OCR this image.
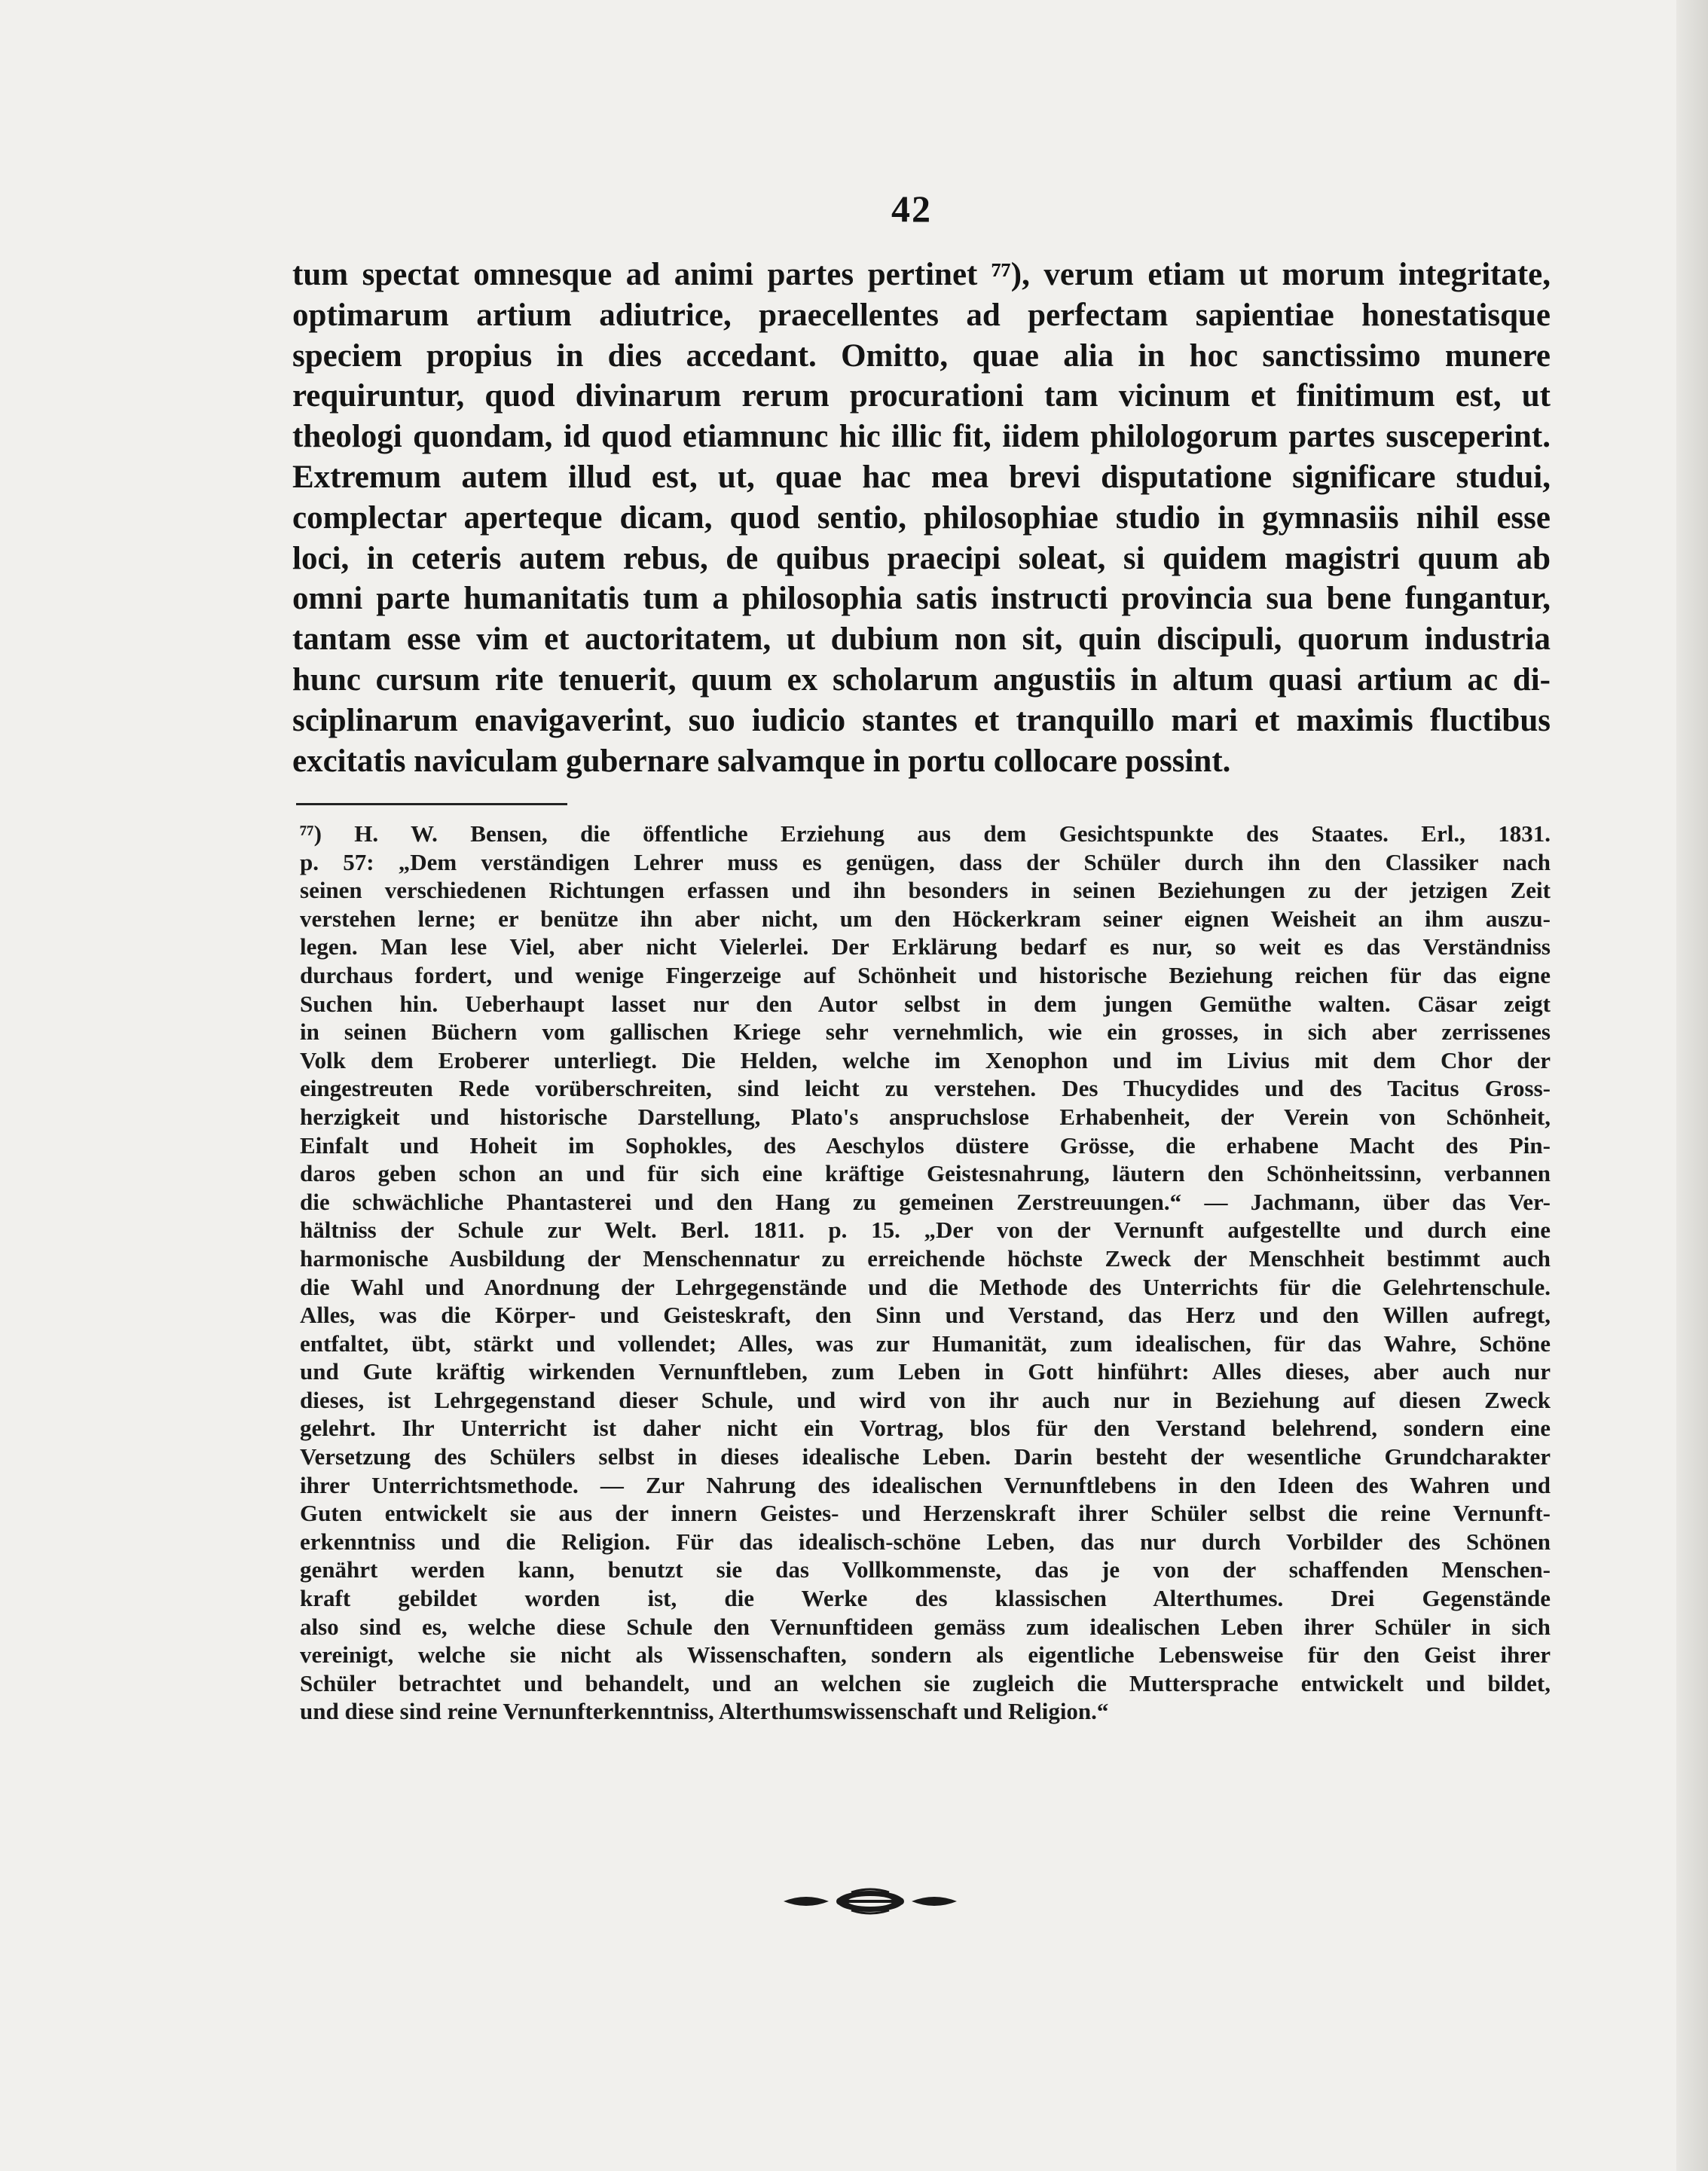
42
tum spectat omnesque ad animi partes pertinet ⁷⁷), verum etiam ut morum integritate,
optimarum artium adiutrice, praecellentes ad perfectam sapientiae honestatisque
speciem propius in dies accedant. Omitto, quae alia in hoc sanctissimo munere
requiruntur, quod divinarum rerum procurationi tam vicinum et finitimum est, ut
theologi quondam, id quod etiamnunc hic illic fit, iidem philologorum partes susceperint.
Extremum autem illud est, ut, quae hac mea brevi disputatione significare studui,
complectar aperteque dicam, quod sentio, philosophiae studio in gymnasiis nihil esse
loci, in ceteris autem rebus, de quibus praecipi soleat, si quidem magistri quum ab
omni parte humanitatis tum a philosophia satis instructi provincia sua bene fungantur,
tantam esse vim et auctoritatem, ut dubium non sit, quin discipuli, quorum industria
hunc cursum rite tenuerit, quum ex scholarum angustiis in altum quasi artium ac di-
sciplinarum enavigaverint, suo iudicio stantes et tranquillo mari et maximis fluctibus
excitatis naviculam gubernare salvamque in portu collocare possint.
⁷⁷) H. W. Bensen, die öffentliche Erziehung aus dem Gesichtspunkte des Staates. Erl., 1831.
p. 57: „Dem verständigen Lehrer muss es genügen, dass der Schüler durch ihn den Classiker nach
seinen verschiedenen Richtungen erfassen und ihn besonders in seinen Beziehungen zu der jetzigen Zeit
verstehen lerne; er benütze ihn aber nicht, um den Höckerkram seiner eignen Weisheit an ihm auszu-
legen. Man lese Viel, aber nicht Vielerlei. Der Erklärung bedarf es nur, so weit es das Verständniss
durchaus fordert, und wenige Fingerzeige auf Schönheit und historische Beziehung reichen für das eigne
Suchen hin. Ueberhaupt lasset nur den Autor selbst in dem jungen Gemüthe walten. Cäsar zeigt
in seinen Büchern vom gallischen Kriege sehr vernehmlich, wie ein grosses, in sich aber zerrissenes
Volk dem Eroberer unterliegt. Die Helden, welche im Xenophon und im Livius mit dem Chor der
eingestreuten Rede vorüberschreiten, sind leicht zu verstehen. Des Thucydides und des Tacitus Gross-
herzigkeit und historische Darstellung, Plato's anspruchslose Erhabenheit, der Verein von Schönheit,
Einfalt und Hoheit im Sophokles, des Aeschylos düstere Grösse, die erhabene Macht des Pin-
daros geben schon an und für sich eine kräftige Geistesnahrung, läutern den Schönheitssinn, verbannen
die schwächliche Phantasterei und den Hang zu gemeinen Zerstreuungen.“ — Jachmann, über das Ver-
hältniss der Schule zur Welt. Berl. 1811. p. 15. „Der von der Vernunft aufgestellte und durch eine
harmonische Ausbildung der Menschennatur zu erreichende höchste Zweck der Menschheit bestimmt auch
die Wahl und Anordnung der Lehrgegenstände und die Methode des Unterrichts für die Gelehrtenschule.
Alles, was die Körper- und Geisteskraft, den Sinn und Verstand, das Herz und den Willen aufregt,
entfaltet, übt, stärkt und vollendet; Alles, was zur Humanität, zum idealischen, für das Wahre, Schöne
und Gute kräftig wirkenden Vernunftleben, zum Leben in Gott hinführt: Alles dieses, aber auch nur
dieses, ist Lehrgegenstand dieser Schule, und wird von ihr auch nur in Beziehung auf diesen Zweck
gelehrt. Ihr Unterricht ist daher nicht ein Vortrag, blos für den Verstand belehrend, sondern eine
Versetzung des Schülers selbst in dieses idealische Leben. Darin besteht der wesentliche Grundcharakter
ihrer Unterrichtsmethode. — Zur Nahrung des idealischen Vernunftlebens in den Ideen des Wahren und
Guten entwickelt sie aus der innern Geistes- und Herzenskraft ihrer Schüler selbst die reine Vernunft-
erkenntniss und die Religion. Für das idealisch-schöne Leben, das nur durch Vorbilder des Schönen
genährt werden kann, benutzt sie das Vollkommenste, das je von der schaffenden Menschen-
kraft gebildet worden ist, die Werke des klassischen Alterthumes. Drei Gegenstände
also sind es, welche diese Schule den Vernunftideen gemäss zum idealischen Leben ihrer Schüler in sich
vereinigt, welche sie nicht als Wissenschaften, sondern als eigentliche Lebensweise für den Geist ihrer
Schüler betrachtet und behandelt, und an welchen sie zugleich die Muttersprache entwickelt und bildet,
und diese sind reine Vernunfterkenntniss, Alterthumswissenschaft und Religion.“
